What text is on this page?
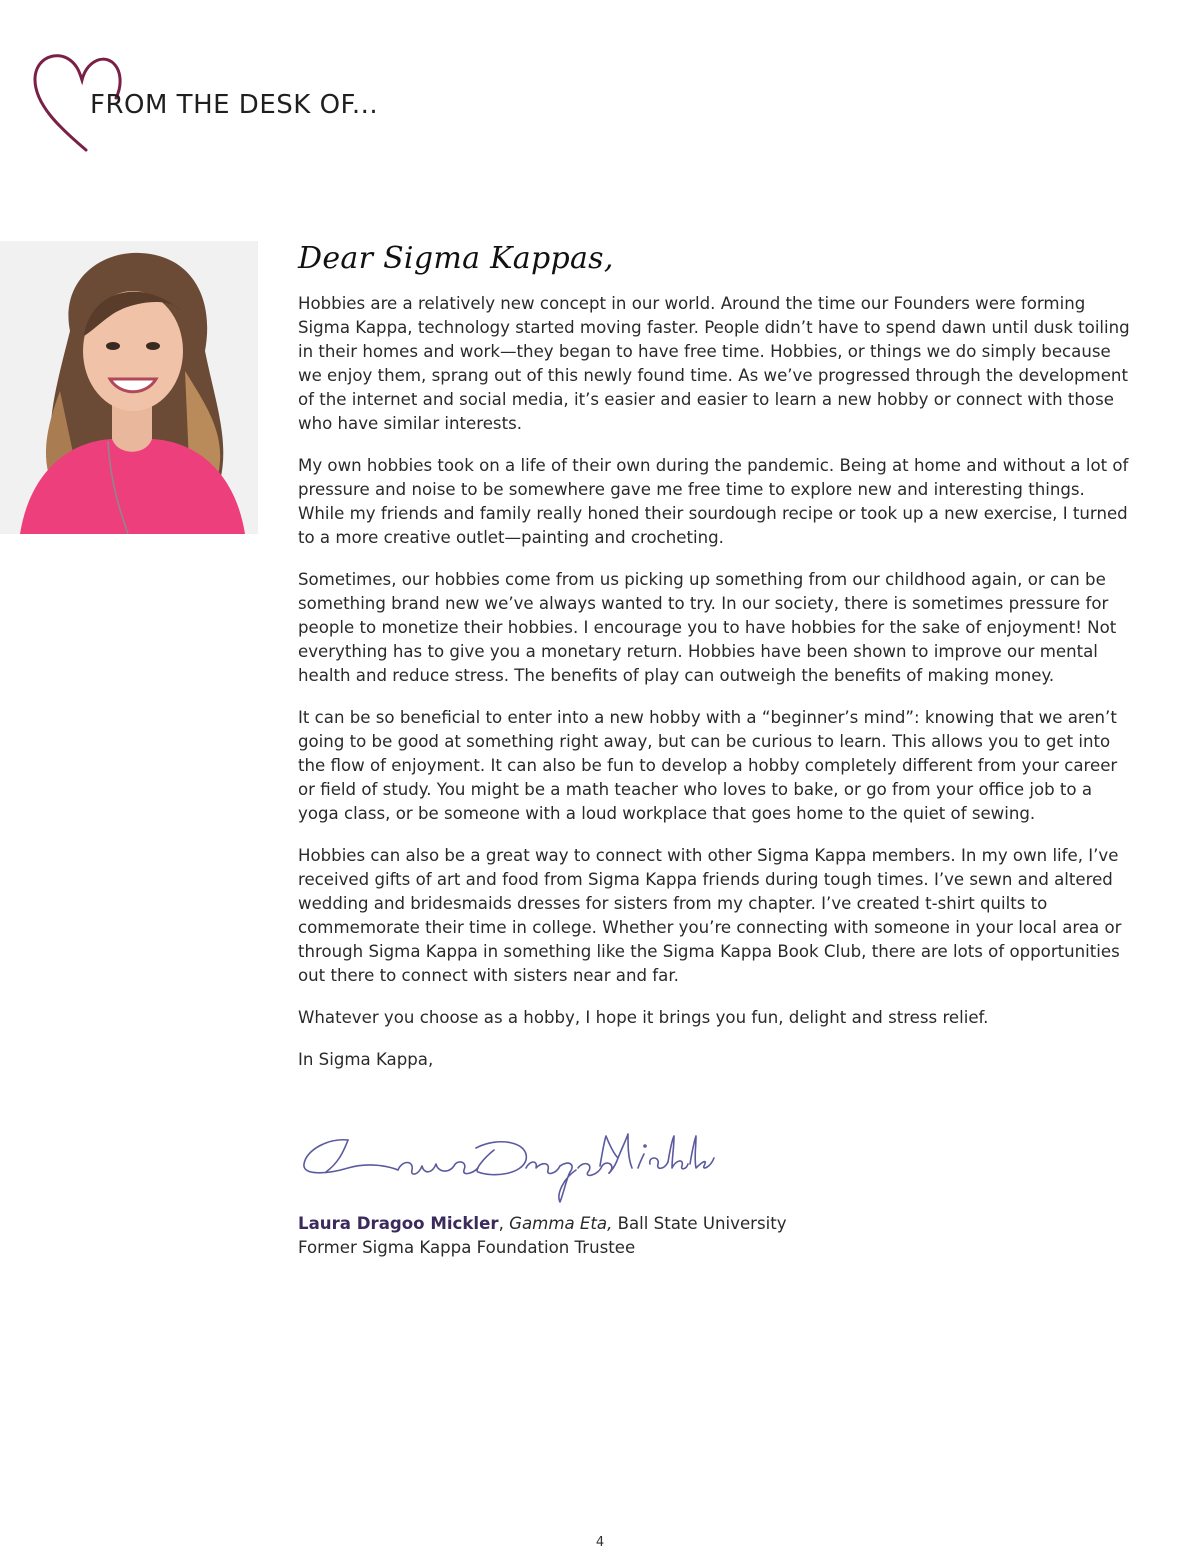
FROM THE DESK OF...
Dear Sigma Kappas,

Hobbies are a relatively new concept in our world. Around the time our Founders were forming Sigma Kappa, technology started moving faster. People didn’t have to spend dawn until dusk toiling in their homes and work—they began to have free time. Hobbies, or things we do simply because we enjoy them, sprang out of this newly found time. As we’ve progressed through the development of the internet and social media, it’s easier and easier to learn a new hobby or connect with those who have similar interests.

My own hobbies took on a life of their own during the pandemic. Being at home and without a lot of pressure and noise to be somewhere gave me free time to explore new and interesting things. While my friends and family really honed their sourdough recipe or took up a new exercise, I turned to a more creative outlet—painting and crocheting.

Sometimes, our hobbies come from us picking up something from our childhood again, or can be something brand new we’ve always wanted to try. In our society, there is sometimes pressure for people to monetize their hobbies. I encourage you to have hobbies for the sake of enjoyment! Not everything has to give you a monetary return. Hobbies have been shown to improve our mental health and reduce stress. The benefits of play can outweigh the benefits of making money.

It can be so beneficial to enter into a new hobby with a “beginner’s mind”: knowing that we aren’t going to be good at something right away, but can be curious to learn. This allows you to get into the flow of enjoyment. It can also be fun to develop a hobby completely different from your career or field of study. You might be a math teacher who loves to bake, or go from your office job to a yoga class, or be someone with a loud workplace that goes home to the quiet of sewing.

Hobbies can also be a great way to connect with other Sigma Kappa members. In my own life, I’ve received gifts of art and food from Sigma Kappa friends during tough times. I’ve sewn and altered wedding and bridesmaids dresses for sisters from my chapter. I’ve created t-shirt quilts to commemorate their time in college. Whether you’re connecting with someone in your local area or through Sigma Kappa in something like the Sigma Kappa Book Club, there are lots of opportunities out there to connect with sisters near and far.

Whatever you choose as a hobby, I hope it brings you fun, delight and stress relief.

In Sigma Kappa,

Laura Dragoo Mickler, Gamma Eta, Ball State University
Former Sigma Kappa Foundation Trustee
4
